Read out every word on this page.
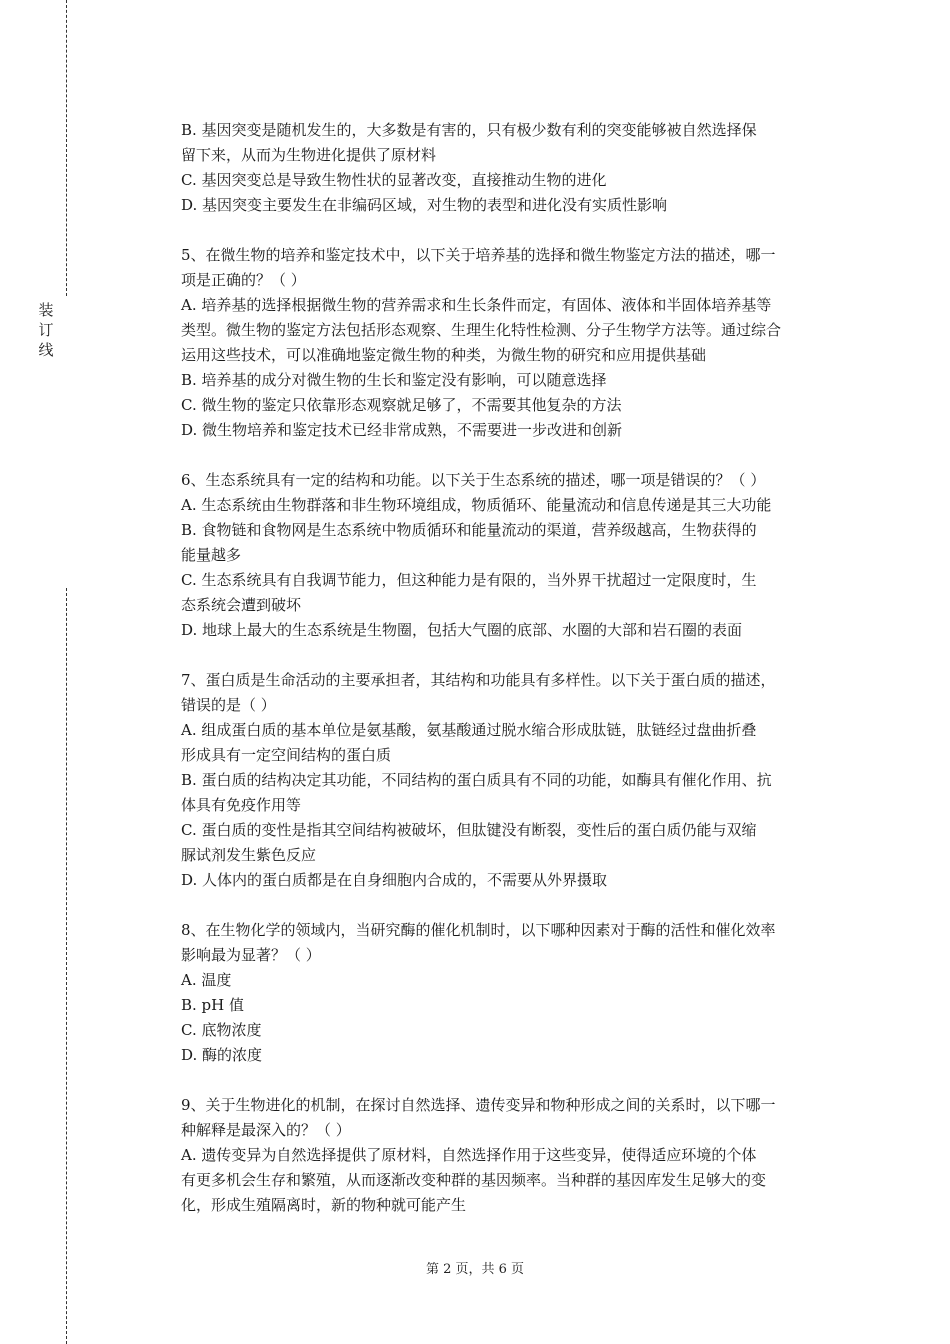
装
订
线
B. 基因突变是随机发生的，大多数是有害的，只有极少数有利的突变能够被自然选择保
留下来，从而为生物进化提供了原材料
C. 基因突变总是导致生物性状的显著改变，直接推动生物的进化
D. 基因突变主要发生在非编码区域，对生物的表型和进化没有实质性影响
5、在微生物的培养和鉴定技术中，以下关于培养基的选择和微生物鉴定方法的描述，哪一
项是正确的？（ ）
A. 培养基的选择根据微生物的营养需求和生长条件而定，有固体、液体和半固体培养基等
类型。微生物的鉴定方法包括形态观察、生理生化特性检测、分子生物学方法等。通过综合
运用这些技术，可以准确地鉴定微生物的种类，为微生物的研究和应用提供基础
B. 培养基的成分对微生物的生长和鉴定没有影响，可以随意选择
C. 微生物的鉴定只依靠形态观察就足够了，不需要其他复杂的方法
D. 微生物培养和鉴定技术已经非常成熟，不需要进一步改进和创新
6、生态系统具有一定的结构和功能。以下关于生态系统的描述，哪一项是错误的？（ ）
A. 生态系统由生物群落和非生物环境组成，物质循环、能量流动和信息传递是其三大功能
B. 食物链和食物网是生态系统中物质循环和能量流动的渠道，营养级越高，生物获得的
能量越多
C. 生态系统具有自我调节能力，但这种能力是有限的，当外界干扰超过一定限度时，生
态系统会遭到破坏
D. 地球上最大的生态系统是生物圈，包括大气圈的底部、水圈的大部和岩石圈的表面
7、蛋白质是生命活动的主要承担者，其结构和功能具有多样性。以下关于蛋白质的描述，
错误的是（ ）
A. 组成蛋白质的基本单位是氨基酸，氨基酸通过脱水缩合形成肽链，肽链经过盘曲折叠
形成具有一定空间结构的蛋白质
B. 蛋白质的结构决定其功能，不同结构的蛋白质具有不同的功能，如酶具有催化作用、抗
体具有免疫作用等
C. 蛋白质的变性是指其空间结构被破坏，但肽键没有断裂，变性后的蛋白质仍能与双缩
脲试剂发生紫色反应
D. 人体内的蛋白质都是在自身细胞内合成的，不需要从外界摄取
8、在生物化学的领域内，当研究酶的催化机制时，以下哪种因素对于酶的活性和催化效率
影响最为显著？（ ）
A. 温度
B. pH 值
C. 底物浓度
D. 酶的浓度
9、关于生物进化的机制，在探讨自然选择、遗传变异和物种形成之间的关系时，以下哪一
种解释是最深入的？（ ）
A. 遗传变异为自然选择提供了原材料，自然选择作用于这些变异，使得适应环境的个体
有更多机会生存和繁殖，从而逐渐改变种群的基因频率。当种群的基因库发生足够大的变
化，形成生殖隔离时，新的物种就可能产生
第 2 页，共 6 页
